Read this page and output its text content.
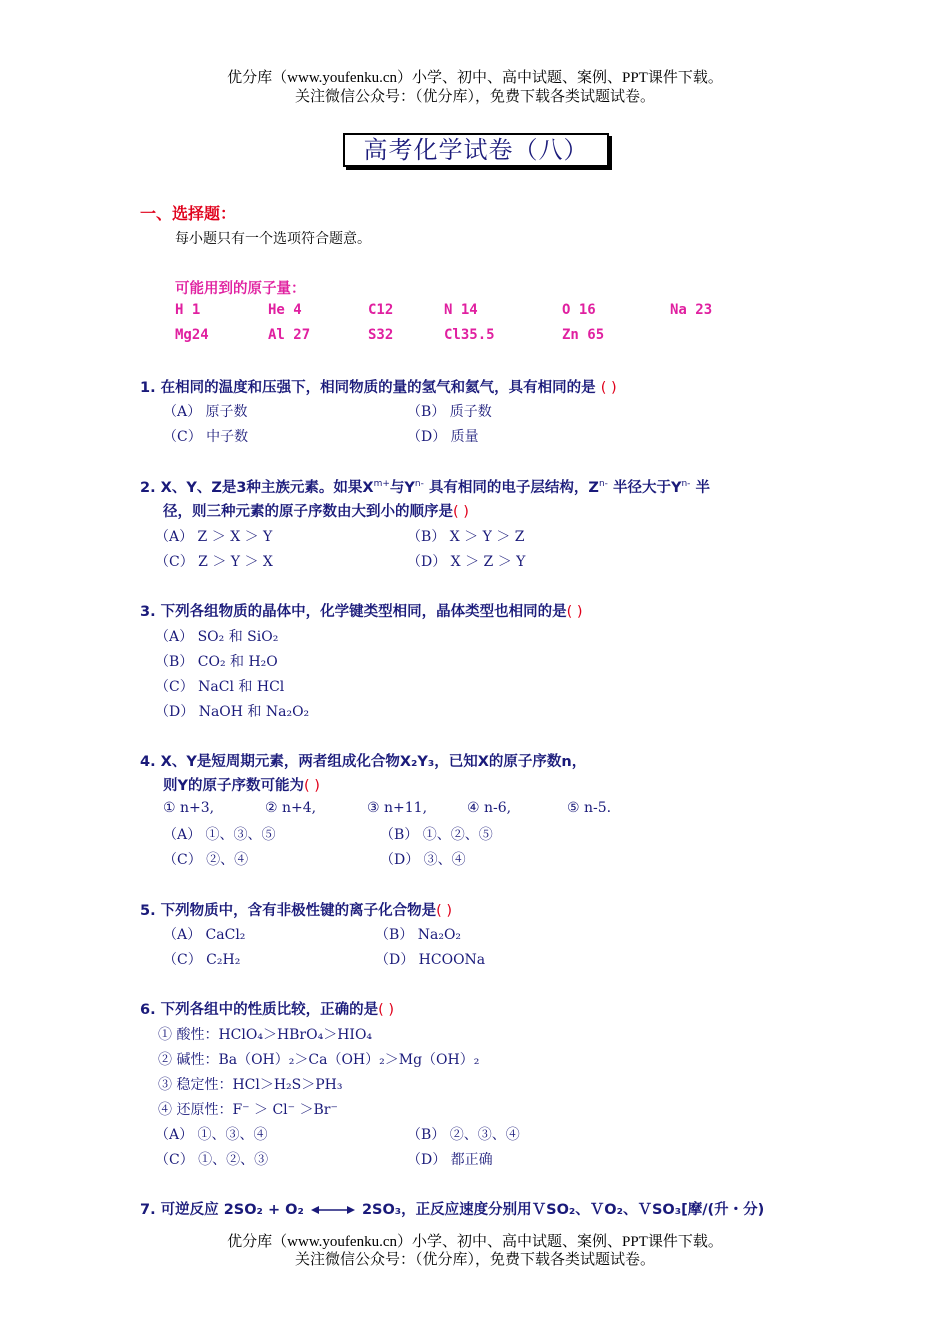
优分库（www.youfenku.cn）小学、初中、高中试题、案例、PPT课件下载。
关注微信公众号：（优分库），免费下载各类试题试卷。
高考化学试卷（八）
一、选择题：
每小题只有一个选项符合题意。
可能用到的原子量：
H 1	He 4	C12	N 14	O 16	Na 23
Mg24	Al 27	S32	Cl35.5	Zn 65
1. 在相同的温度和压强下，相同物质的量的氢气和氦气，具有相同的是 ( )
（A） 原子数	（B） 质子数
（C） 中子数	（D） 质量
2. X、Y、Z是3种主族元素。如果$X^{m+}$与$Y^{n-}$ 具有相同的电子层结构，$Z^{n-}$ 半径大于$Y^{n-}$ 半
径，则三种元素的原子序数由大到小的顺序是( )
（A） Z ＞ X ＞ Y	（B） X ＞ Y ＞ Z
（C） Z ＞ Y ＞ X	（D） X ＞ Z ＞ Y
3. 下列各组物质的晶体中，化学键类型相同，晶体类型也相同的是( )
（A） SO₂ 和 SiO₂
（B） CO₂ 和 H₂O
（C） NaCl 和 HCl
（D） NaOH 和 Na₂O₂
4. X、Y是短周期元素，两者组成化合物X₂Y₃，已知X的原子序数n，
则Y的原子序数可能为( )
① n+3,	② n+4,	③ n+11,	④ n-6,	⑤ n-5.
（A） ①、③、⑤	（B） ①、②、⑤
（C） ②、④	（D） ③、④
5. 下列物质中，含有非极性键的离子化合物是( )
（A） CaCl₂	（B） Na₂O₂
（C） C₂H₂	（D） HCOONa
6. 下列各组中的性质比较，正确的是( )
① 酸性：HClO₄＞HBrO₄＞HIO₄
② 碱性：Ba（OH）₂＞Ca（OH）₂＞Mg（OH）₂
③ 稳定性：HCl＞H₂S＞PH₃
④ 还原性：F⁻ ＞ Cl⁻ ＞Br⁻
（A） ①、③、④	（B） ②、③、④
（C） ①、②、③	（D） 都正确
7. 可逆反应 2SO₂ + O₂	2SO₃，正反应速度分别用ＶSO₂、ＶO₂、ＶSO₃[摩/(升・分)
优分库（www.youfenku.cn）小学、初中、高中试题、案例、PPT课件下载。
关注微信公众号：（优分库），免费下载各类试题试卷。
